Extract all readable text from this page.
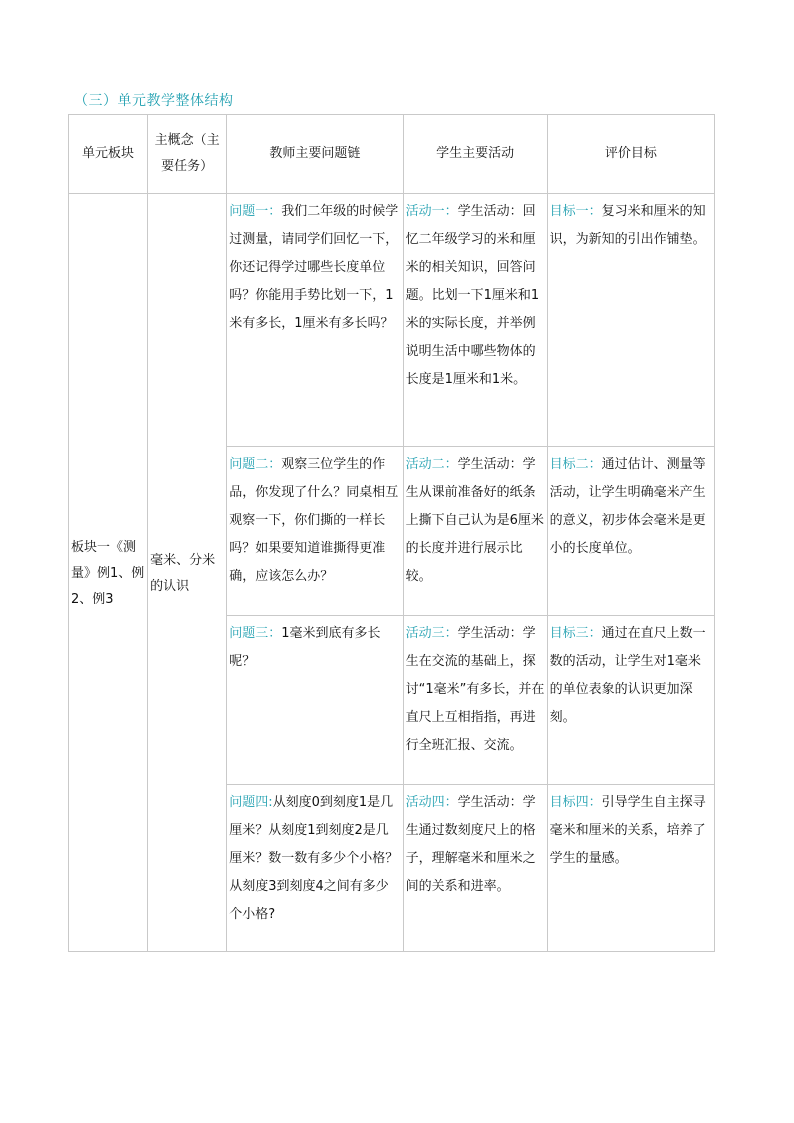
（三）单元教学整体结构
单元板块	主概念（主要任务）	教师主要问题链	学生主要活动	评价目标
板块一《测量》例1、例2、例3	毫米、分米的认识	问题一：我们二年级的时候学过测量，请同学们回忆一下，你还记得学过哪些长度单位吗？你能用手势比划一下，1米有多长，1厘米有多长吗？	活动一：学生活动：回忆二年级学习的米和厘米的相关知识，回答问题。比划一下1厘米和1米的实际长度，并举例说明生活中哪些物体的长度是1厘米和1米。	目标一：复习米和厘米的知识，为新知的引出作铺垫。
		问题二：观察三位学生的作品，你发现了什么？同桌相互观察一下，你们撕的一样长吗？如果要知道谁撕得更准确，应该怎么办？	活动二：学生活动：学生从课前准备好的纸条上撕下自己认为是6厘米的长度并进行展示比较。	目标二：通过估计、测量等活动，让学生明确毫米产生的意义，初步体会毫米是更小的长度单位。
		问题三：1毫米到底有多长呢？	活动三：学生活动：学生在交流的基础上，探讨“1毫米”有多长，并在直尺上互相指指，再进行全班汇报、交流。	目标三：通过在直尺上数一数的活动，让学生对1毫米的单位表象的认识更加深刻。
		问题四:从刻度0到刻度1是几厘米？从刻度1到刻度2是几厘米？数一数有多少个小格？从刻度3到刻度4之间有多少个小格?	活动四：学生活动：学生通过数刻度尺上的格子，理解毫米和厘米之间的关系和进率。	目标四：引导学生自主探寻毫米和厘米的关系，培养了学生的量感。
